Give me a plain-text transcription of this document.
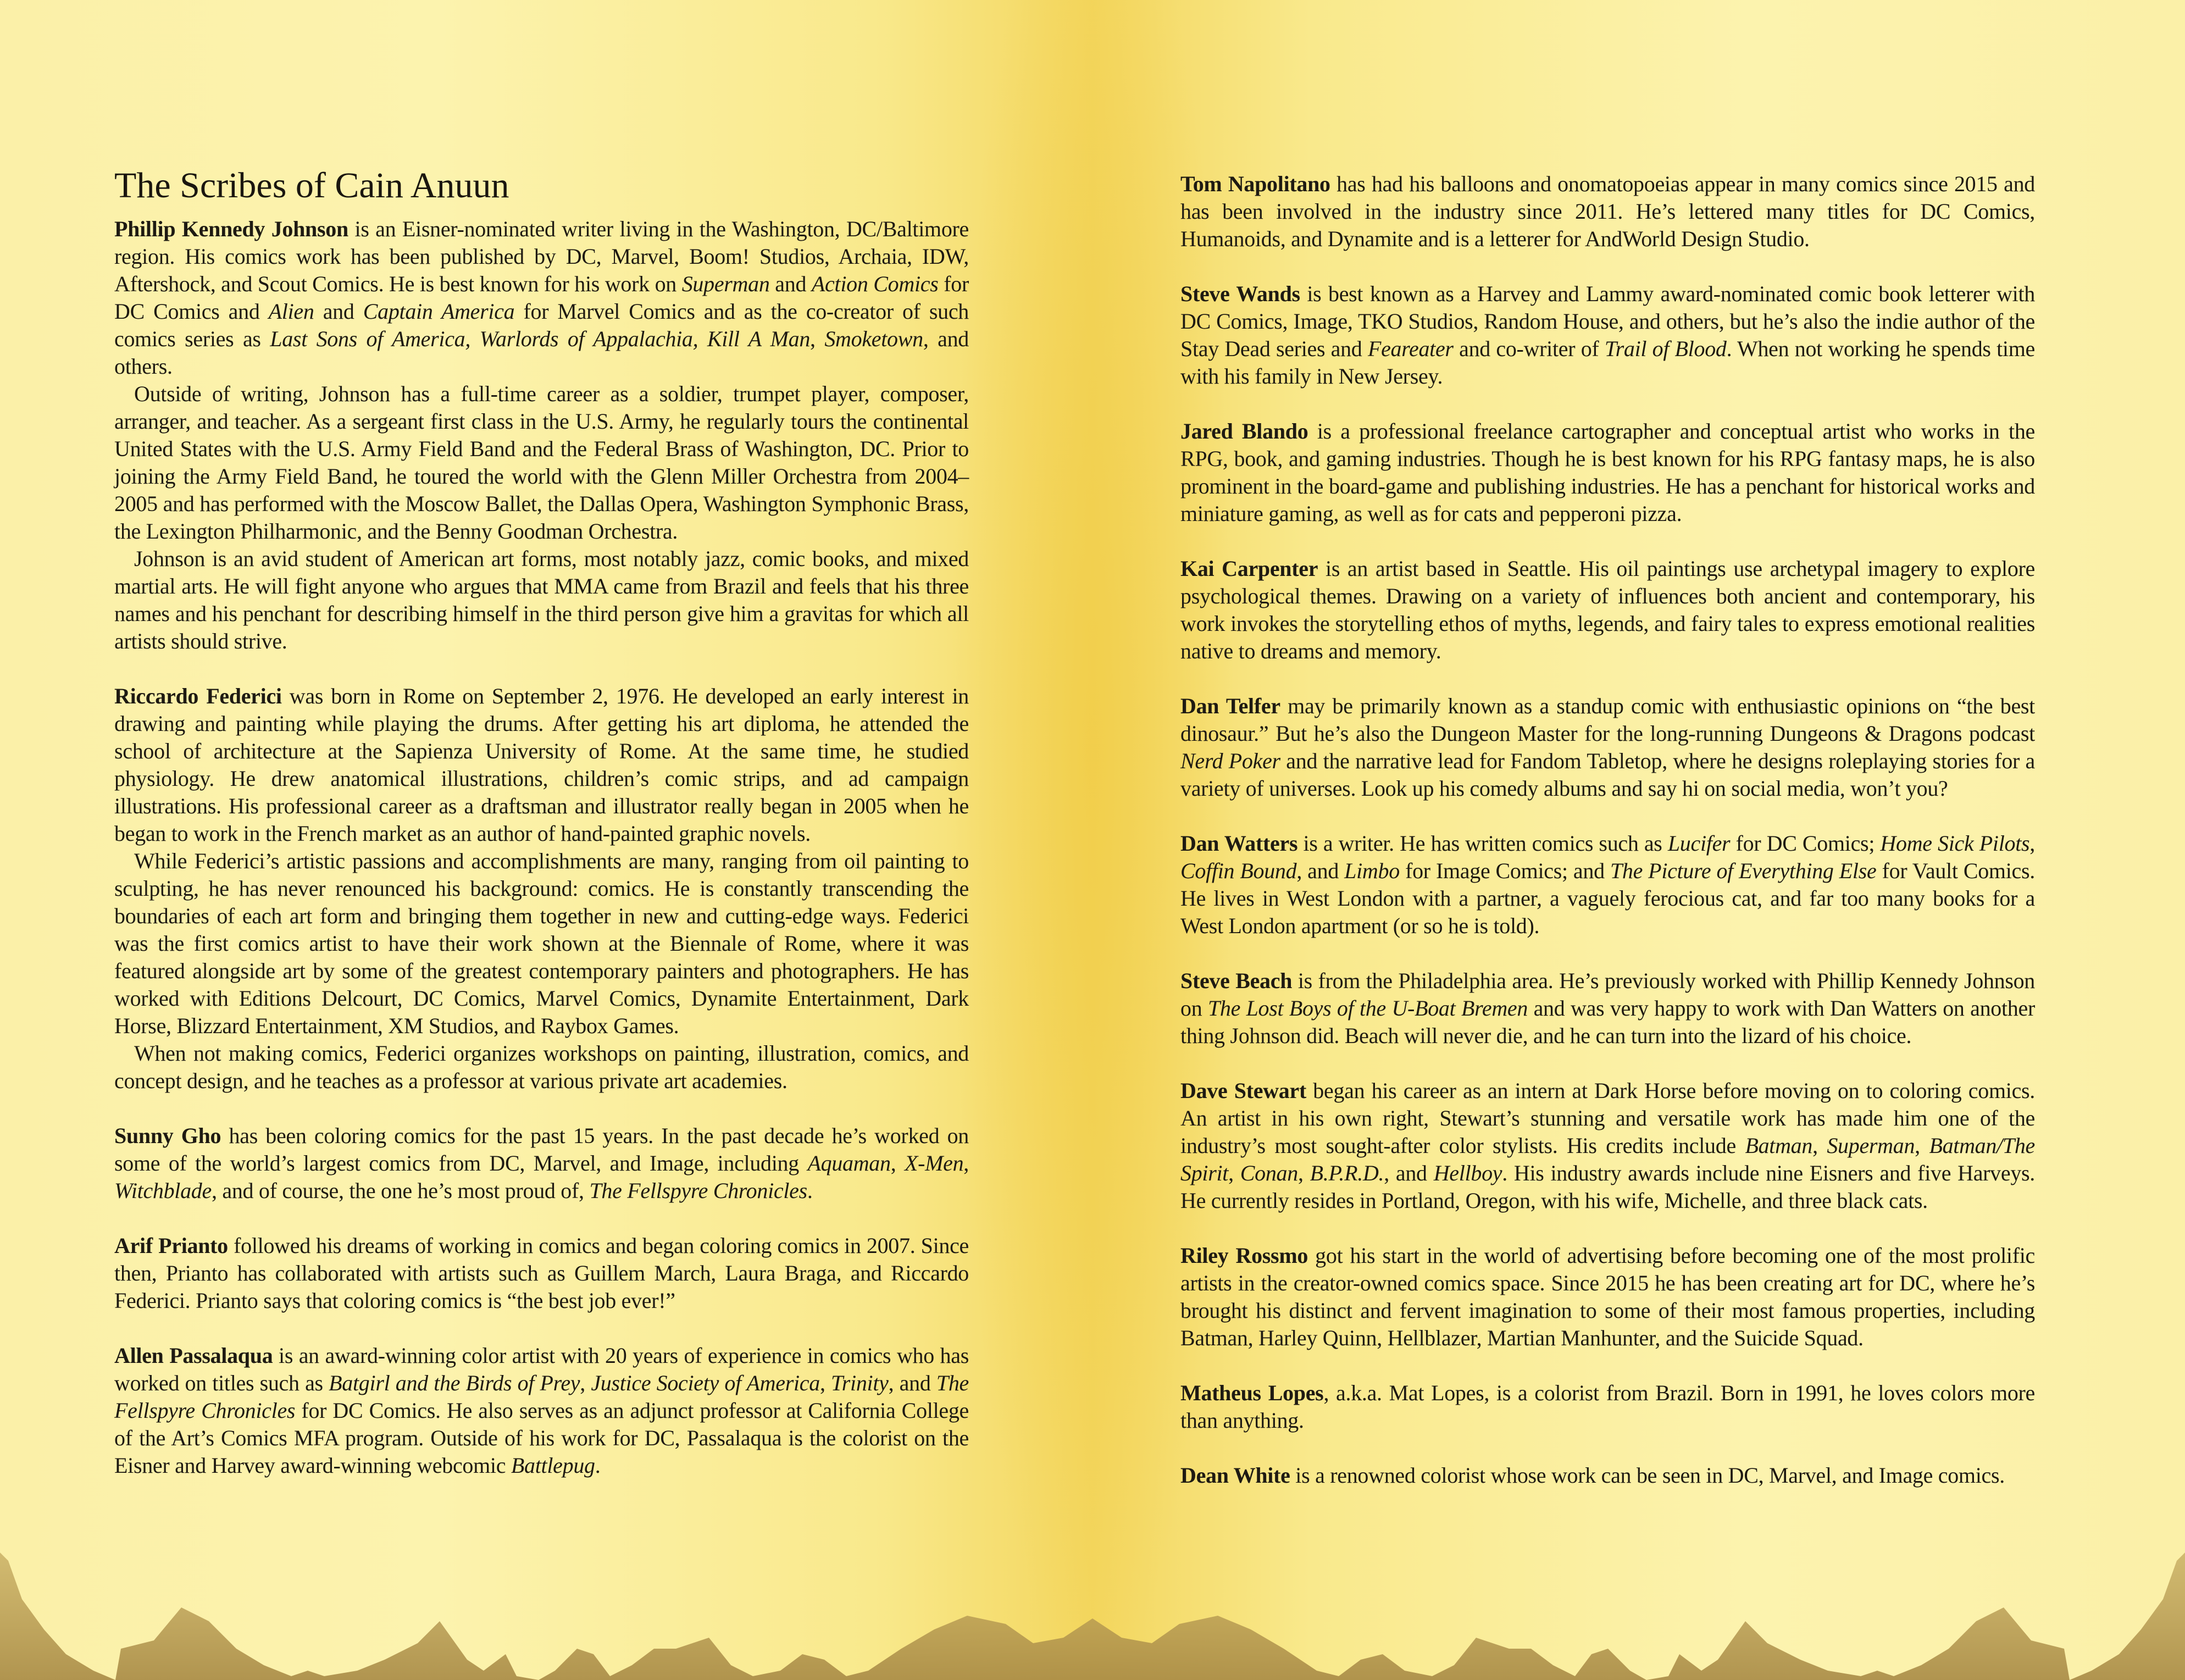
The Scribes of Cain Anuun

Phillip Kennedy Johnson is an Eisner-nominated writer living in the Washington, DC/Baltimore region. His comics work has been published by DC, Marvel, Boom! Studios, Archaia, IDW, Aftershock, and Scout Comics. He is best known for his work on Superman and Action Comics for DC Comics and Alien and Captain America for Marvel Comics and as the co-creator of such comics series as Last Sons of America, Warlords of Appalachia, Kill A Man, Smoketown, and others.

Outside of writing, Johnson has a full-time career as a soldier, trumpet player, composer, arranger, and teacher. As a sergeant first class in the U.S. Army, he regularly tours the continental United States with the U.S. Army Field Band and the Federal Brass of Washington, DC. Prior to joining the Army Field Band, he toured the world with the Glenn Miller Orchestra from 2004–2005 and has performed with the Moscow Ballet, the Dallas Opera, Washington Symphonic Brass, the Lexington Philharmonic, and the Benny Goodman Orchestra.

Johnson is an avid student of American art forms, most notably jazz, comic books, and mixed martial arts. He will fight anyone who argues that MMA came from Brazil and feels that his three names and his penchant for describing himself in the third person give him a gravitas for which all artists should strive.

Riccardo Federici was born in Rome on September 2, 1976. He developed an early interest in drawing and painting while playing the drums. After getting his art diploma, he attended the school of architecture at the Sapienza University of Rome. At the same time, he studied physiology. He drew anatomical illustrations, children’s comic strips, and ad campaign illustrations. His professional career as a draftsman and illustrator really began in 2005 when he began to work in the French market as an author of hand-painted graphic novels.

While Federici’s artistic passions and accomplishments are many, ranging from oil painting to sculpting, he has never renounced his background: comics. He is constantly transcending the boundaries of each art form and bringing them together in new and cutting-edge ways. Federici was the first comics artist to have their work shown at the Biennale of Rome, where it was featured alongside art by some of the greatest contemporary painters and photographers. He has worked with Editions Delcourt, DC Comics, Marvel Comics, Dynamite Entertainment, Dark Horse, Blizzard Entertainment, XM Studios, and Raybox Games.

When not making comics, Federici organizes workshops on painting, illustration, comics, and concept design, and he teaches as a professor at various private art academies.

Sunny Gho has been coloring comics for the past 15 years. In the past decade he’s worked on some of the world’s largest comics from DC, Marvel, and Image, including Aquaman, X-Men, Witchblade, and of course, the one he’s most proud of, The Fellspyre Chronicles.

Arif Prianto followed his dreams of working in comics and began coloring comics in 2007. Since then, Prianto has collaborated with artists such as Guillem March, Laura Braga, and Riccardo Federici. Prianto says that coloring comics is “the best job ever!”

Allen Passalaqua is an award-winning color artist with 20 years of experience in comics who has worked on titles such as Batgirl and the Birds of Prey, Justice Society of America, Trinity, and The Fellspyre Chronicles for DC Comics. He also serves as an adjunct professor at California College of the Art’s Comics MFA program. Outside of his work for DC, Passalaqua is the colorist on the Eisner and Harvey award-winning webcomic Battlepug.

Tom Napolitano has had his balloons and onomatopoeias appear in many comics since 2015 and has been involved in the industry since 2011. He’s lettered many titles for DC Comics, Humanoids, and Dynamite and is a letterer for AndWorld Design Studio.

Steve Wands is best known as a Harvey and Lammy award-nominated comic book letterer with DC Comics, Image, TKO Studios, Random House, and others, but he’s also the indie author of the Stay Dead series and Feareater and co-writer of Trail of Blood. When not working he spends time with his family in New Jersey.

Jared Blando is a professional freelance cartographer and conceptual artist who works in the RPG, book, and gaming industries. Though he is best known for his RPG fantasy maps, he is also prominent in the board-game and publishing industries. He has a penchant for historical works and miniature gaming, as well as for cats and pepperoni pizza.

Kai Carpenter is an artist based in Seattle. His oil paintings use archetypal imagery to explore psychological themes. Drawing on a variety of influences both ancient and contemporary, his work invokes the storytelling ethos of myths, legends, and fairy tales to express emotional realities native to dreams and memory.

Dan Telfer may be primarily known as a standup comic with enthusiastic opinions on “the best dinosaur.” But he’s also the Dungeon Master for the long-running Dungeons & Dragons podcast Nerd Poker and the narrative lead for Fandom Tabletop, where he designs roleplaying stories for a variety of universes. Look up his comedy albums and say hi on social media, won’t you?

Dan Watters is a writer. He has written comics such as Lucifer for DC Comics; Home Sick Pilots, Coffin Bound, and Limbo for Image Comics; and The Picture of Everything Else for Vault Comics. He lives in West London with a partner, a vaguely ferocious cat, and far too many books for a West London apartment (or so he is told).

Steve Beach is from the Philadelphia area. He’s previously worked with Phillip Kennedy Johnson on The Lost Boys of the U-Boat Bremen and was very happy to work with Dan Watters on another thing Johnson did. Beach will never die, and he can turn into the lizard of his choice.

Dave Stewart began his career as an intern at Dark Horse before moving on to coloring comics. An artist in his own right, Stewart’s stunning and versatile work has made him one of the industry’s most sought-after color stylists. His credits include Batman, Superman, Batman/The Spirit, Conan, B.P.R.D., and Hellboy. His industry awards include nine Eisners and five Harveys. He currently resides in Portland, Oregon, with his wife, Michelle, and three black cats.

Riley Rossmo got his start in the world of advertising before becoming one of the most prolific artists in the creator-owned comics space. Since 2015 he has been creating art for DC, where he’s brought his distinct and fervent imagination to some of their most famous properties, including Batman, Harley Quinn, Hellblazer, Martian Manhunter, and the Suicide Squad.

Matheus Lopes, a.k.a. Mat Lopes, is a colorist from Brazil. Born in 1991, he loves colors more than anything.

Dean White is a renowned colorist whose work can be seen in DC, Marvel, and Image comics.
